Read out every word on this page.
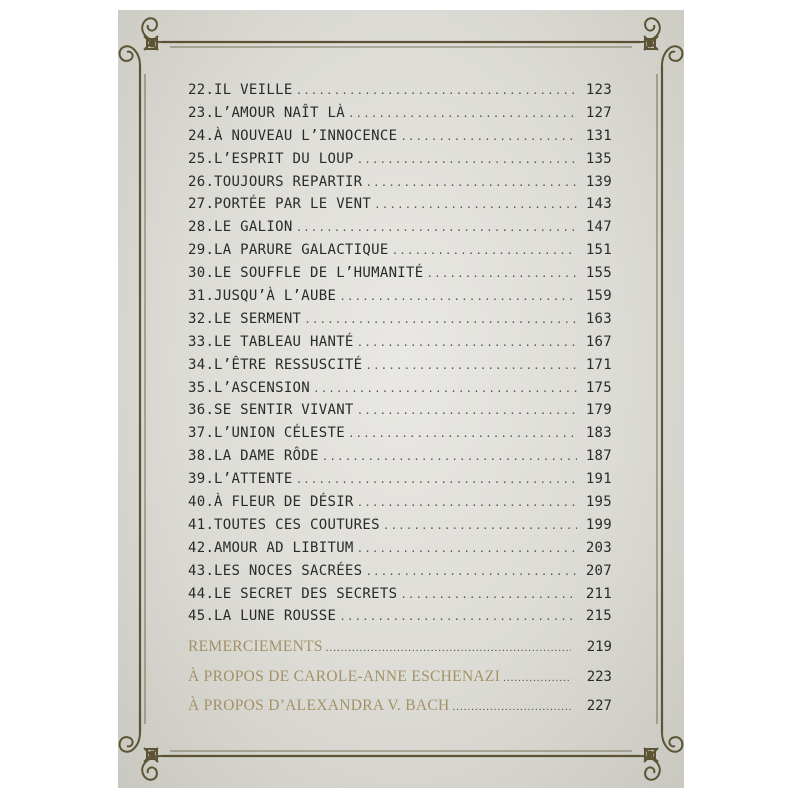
22. IL VEILLE .....	123
23. L’AMOUR NAÎT LÀ .....	127
24. À NOUVEAU L’INNOCENCE .....	131
25. L’ESPRIT DU LOUP .....	135
26. TOUJOURS REPARTIR .....	139
27. PORTÉE PAR LE VENT .....	143
28. LE GALION .....	147
29. LA PARURE GALACTIQUE .....	151
30. LE SOUFFLE DE L’HUMANITÉ .....	155
31. JUSQU’À L’AUBE .....	159
32. LE SERMENT .....	163
33. LE TABLEAU HANTÉ .....	167
34. L’ÊTRE RESSUSCITÉ .....	171
35. L’ASCENSION .....	175
36. SE SENTIR VIVANT .....	179
37. L’UNION CÉLESTE .....	183
38. LA DAME RÔDE .....	187
39. L’ATTENTE .....	191
40. À FLEUR DE DÉSIR .....	195
41. TOUTES CES COUTURES .....	199
42. AMOUR AD LIBITUM .....	203
43. LES NOCES SACRÉES .....	207
44. LE SECRET DES SECRETS .....	211
45. LA LUNE ROUSSE .....	215
REMERCIEMENTS .....	219
À PROPOS DE CAROLE-ANNE ESCHENAZI .....	223
À PROPOS D’ALEXANDRA V. BACH .....	227
